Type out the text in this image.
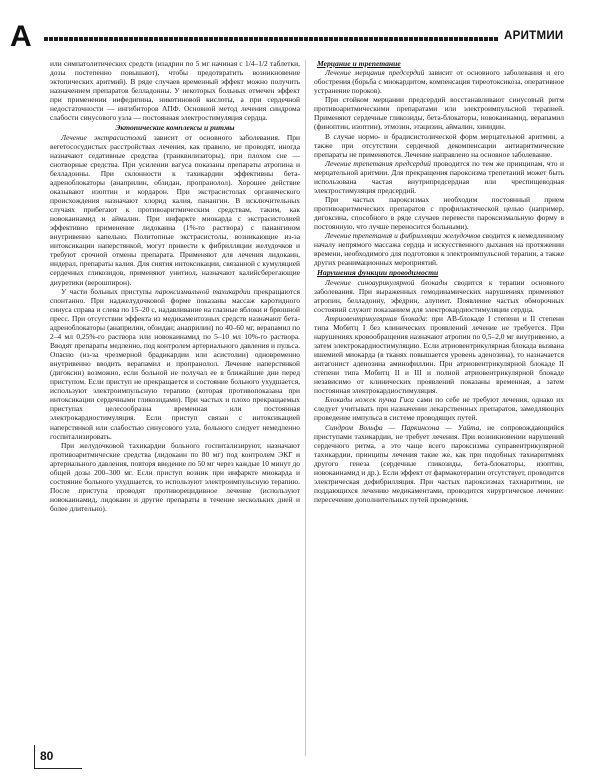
А	АРИТМИИ

или симпатолитических средств (изадрин по 5 мг начиная с 1/4–1/2 таблетки, дозы постепенно повышают), чтобы предотвратить возникновение эктопических аритмий). В ряде случаев временный эффект можно получить назначением препаратов белладонны. У некоторых больных отмечен эффект при применении нифедипина, никотиновой кислоты, а при сердечной недостаточности — ингибиторов АПФ. Основной метод лечения синдрома слабости синусового узла — постоянная электростимуляция сердца.

Эктопические комплексы и ритмы

Лечение экстрасистолий зависит от основного заболевания. При вегетососудистых расстройствах лечения, как правило, не проводят, иногда назначают седативные средства (транквилизаторы), при плохом сне — снотворные средства. При усилении вагуса показаны препараты атропина и белладонны. При склонности к тахикардии эффективны бета-адреноблокаторы (анаприлин, обзидан, пропранолол). Хорошее действие оказывают изоптин и кордарон. При экстрасистолах органического происхождения назначают хлорид калия, панангин. В исключительных случаях прибегают к противоаритмическим средствам, таким, как новокаинамид и аймалин. При инфаркте миокарда с экстрасистолией эффективно применение лидокаина (1%-го раствора) с панангином внутривенно капельно. Политопные экстрасистолы, возникающие из-за интоксикации наперстянкой, могут привести к фибрилляции желудочков и требуют срочной отмены препарата. Применяют для лечения лидокаин, индерал, препараты калия. Для снятия интоксикации, связанной с кумуляцией сердечных гликозидов, применяют унитиол, назначают калийсберегающие диуретики (верошпирон).

У части больных приступы пароксизмальной тахикардии прекращаются спонтанно. При наджелудочковой форме показаны массаж каротидного синуса справа и слева по 15–20 с, надавливание на глазные яблоки и брюшной пресс. При отсутствии эффекта из медикаментозных средств назначают бета-адреноблокаторы (анаприлин, обзидан; анаприлин) по 40–60 мг, верапамил по 2–4 мл 0,25%-го раствора или новокаинамид по 5–10 мл 10%-го раствора. Вводят препараты медленно, под контролем артериального давления и пульса. Опасно (из-за чрезмерной брадикардии или асистолии) одновременно внутривенно вводить верапамил и пропранолол. Лечение наперстянкой (дигоксин) возможно, если больной не получал ее в ближайшие дни перед приступом. Если приступ не прекращается и состояние больного ухудшается, используют электроимпульсную терапию (которая противопоказана при интоксикации сердечными гликозидами). При частых и плохо прекращаемых приступах целесообразна временная или постоянная электрокардиостимуляция. Если приступ связан с интоксикацией наперстянкой или слабостью синусового узла, больного следует немедленно госпитализировать.

При желудочковой тахикардии больного госпитализируют, назначают противоаритмические средства (лидокаин по 80 мг) под контролем ЭКГ и артериального давления, повторя введение по 50 мг через каждые 10 минут до общей дозы 200–300 мг. Если приступ возник при инфаркте миокарда и состояние больного ухудшается, то используют электроимпульсную терапию. После приступа проводят противорецидивное лечение (используют новокаинамид, лидокаин и другие препараты в течение нескольких дней и более длительно).

Мерцание и трепетание

Лечение мерцания предсердий зависит от основного заболевания и его обострения (борьба с миокардитом, компенсация тиреотоксикоза, оперативное устранение пороков).

При стойком мерцании предсердий восстанавливают синусовый ритм противоаритмическими препаратами или электроимпульсной терапией. Применяют сердечные гликозиды, бета-блокаторы, новокаинамид, верапамил (финоптин, изоптин), этмозин, этацизин, аймалин, хинидин.

В случае нормо- и брадисистолической форм мерцательной аритмии, а также при отсутствии сердечной декомпенсации антиаритмические препараты не применяются. Лечение направлено на основное заболевание.

Лечение трепетания предсердий проводится по тем же принципам, что и мерцательной аритмии. Для прекращения пароксизма трепетаний может быть использована частая внутрипредсердная или чреспищеводная электростимуляция предсердий.

При частых пароксизмах необходим постоянный прием противоаритмических препаратов с профилактической целью (например, дигоксина, способного в ряде случаев перевести пароксизмальную форму в постоянную, что лучше переносится больными).

Лечение трепетания и фибрилляции желудочков сводится к немедленному началу непрямого массажа сердца и искусственного дыхания на протяжении времени, необходимого для подготовки к электроимпульсной терапии, а также других реанимационных мероприятий.

Нарушения функции проводимости

Лечение синоаурикулярной блокады сводится к терапии основного заболевания. При выраженных гемодинамических нарушениях применяют атропин, белладонну, эфедрин, алупент. Появление частых обморочных состояний служит показанием для электрокардиостимуляции сердца.

Атриовентрикулярная блокада: при АВ-блокаде I степени и II степени типа Мобитц I без клинических проявлений лечение не требуется. При нарушениях кровообращения назначают атропин по 0,5–2,0 мг внутривенно, а затем электрокардиостимуляцию. Если атриовентрикулярная блокада вызвана ишемией миокарда (в тканях повышается уровень аденозина), то назначается антагонист аденозина аминофиллин. При атриовентрикулярной блокаде II степени типа Мобитц II и III и полной атриовентрикулярной блокаде независимо от клинических проявлений показаны временная, а затем постоянная электрокардиостимуляция.

Блокады ножек пучка Гиса сами по себе не требуют лечения, однако их следует учитывать при назначении лекарственных препаратов, замедляющих проведение импульса в системе проводящих путей.

Синдром Вольфа — Паркинсона — Уайта, не сопровождающийся приступами тахикардии, не требует лечения. При возникновении нарушений сердечного ритма, а это чаще всего пароксизмы суправентрикулярной тахикардии, принципы лечения такие же, как при подобных тахиаритмиях другого генеза (сердечные гликозиды, бета-блокаторы, изоптин, новокаинамид и др.). Если эффект от фармакотерапии отсутствует, проводится электрическая дефибрилляция. При частых пароксизмах тахиаритмии, не поддающихся лечению медикаментами, проводится хирургическое лечение: пересечение дополнительных путей проведения.

80
